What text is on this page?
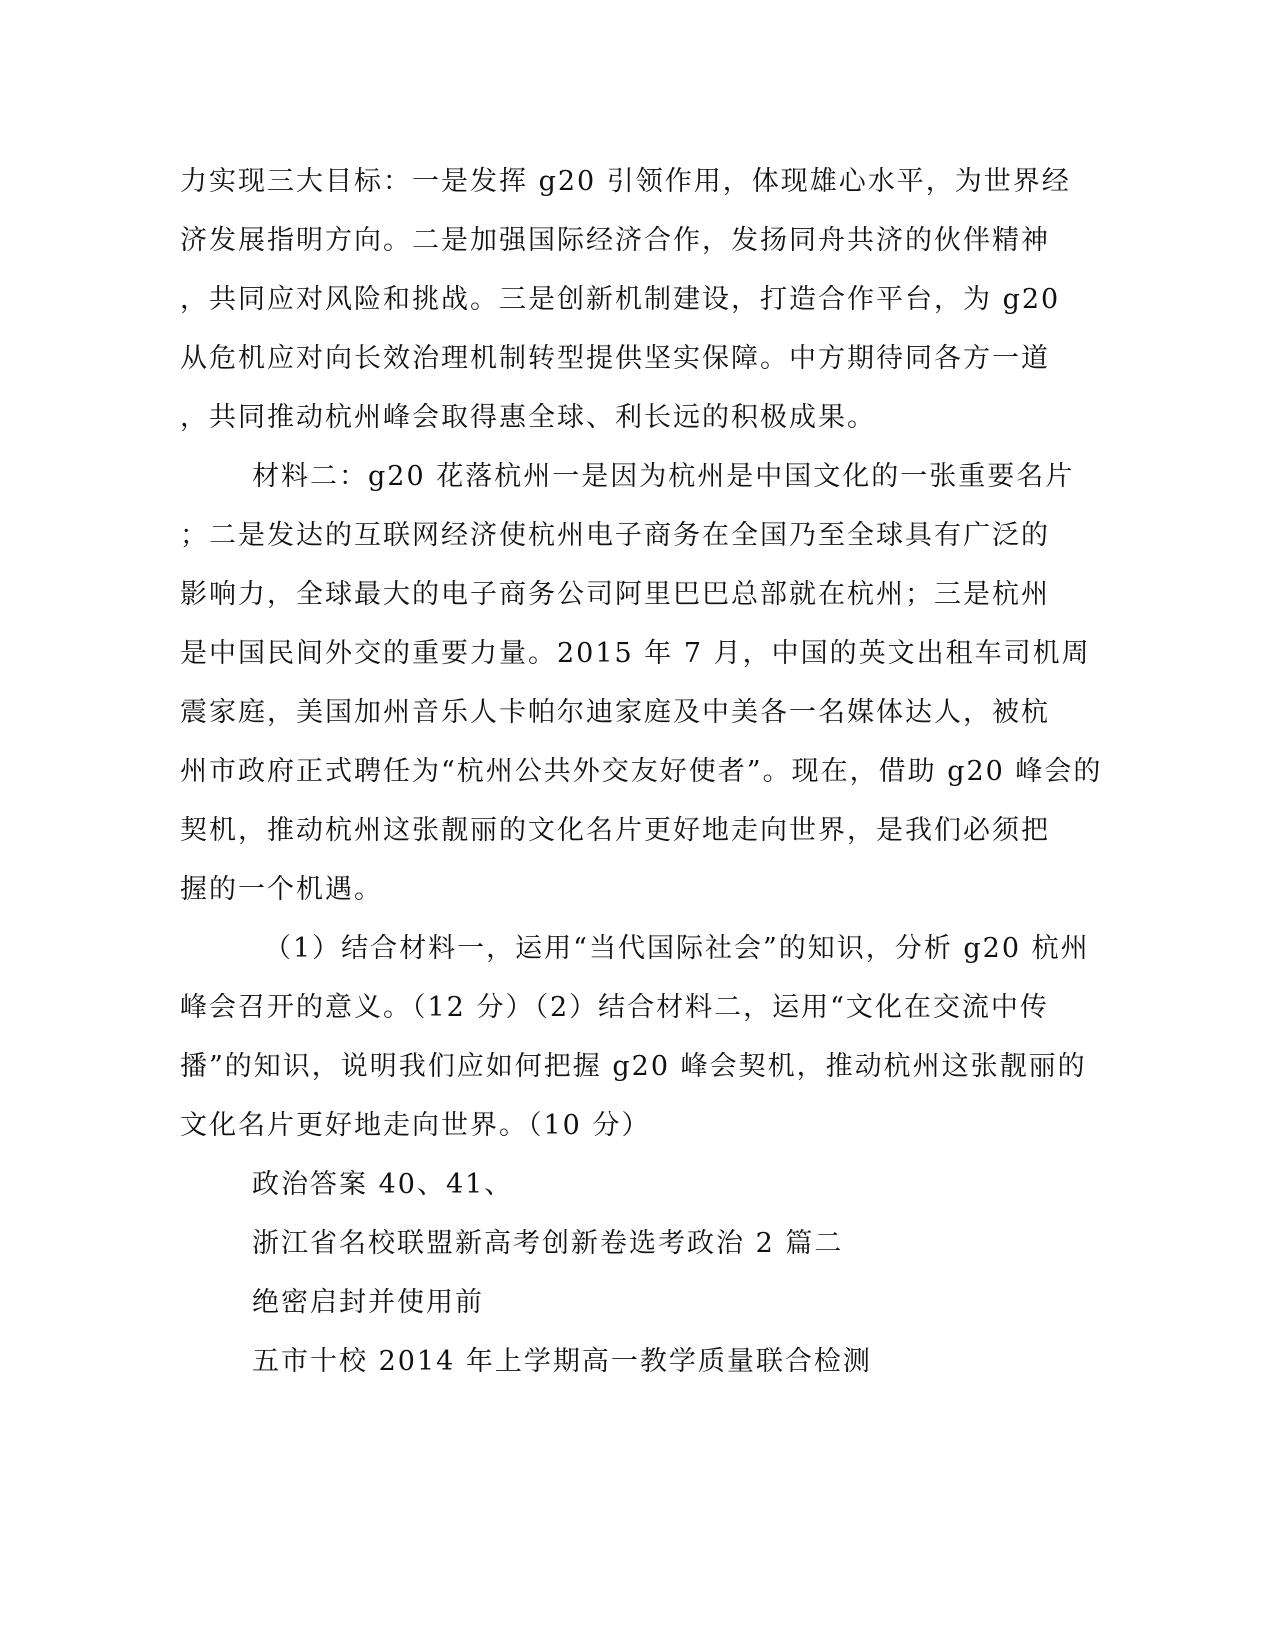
力实现三大目标：一是发挥 g20 引领作用，体现雄心水平，为世界经
济发展指明方向。二是加强国际经济合作，发扬同舟共济的伙伴精神
，共同应对风险和挑战。三是创新机制建设，打造合作平台，为 g20
从危机应对向长效治理机制转型提供坚实保障。中方期待同各方一道
，共同推动杭州峰会取得惠全球、利长远的积极成果。
材料二：g20 花落杭州一是因为杭州是中国文化的一张重要名片
；二是发达的互联网经济使杭州电子商务在全国乃至全球具有广泛的
影响力，全球最大的电子商务公司阿里巴巴总部就在杭州；三是杭州
是中国民间外交的重要力量。2015 年 7 月，中国的英文出租车司机周
震家庭，美国加州音乐人卡帕尔迪家庭及中美各一名媒体达人，被杭
州市政府正式聘任为“杭州公共外交友好使者”。现在，借助 g20 峰会的
契机，推动杭州这张靓丽的文化名片更好地走向世界，是我们必须把
握的一个机遇。
（1）结合材料一，运用“当代国际社会”的知识，分析 g20 杭州
峰会召开的意义。（12 分）（2）结合材料二，运用“文化在交流中传
播”的知识，说明我们应如何把握 g20 峰会契机，推动杭州这张靓丽的
文化名片更好地走向世界。（10 分）
政治答案 40、41、
浙江省名校联盟新高考创新卷选考政治 2 篇二
绝密启封并使用前
五市十校 2014 年上学期高一教学质量联合检测
